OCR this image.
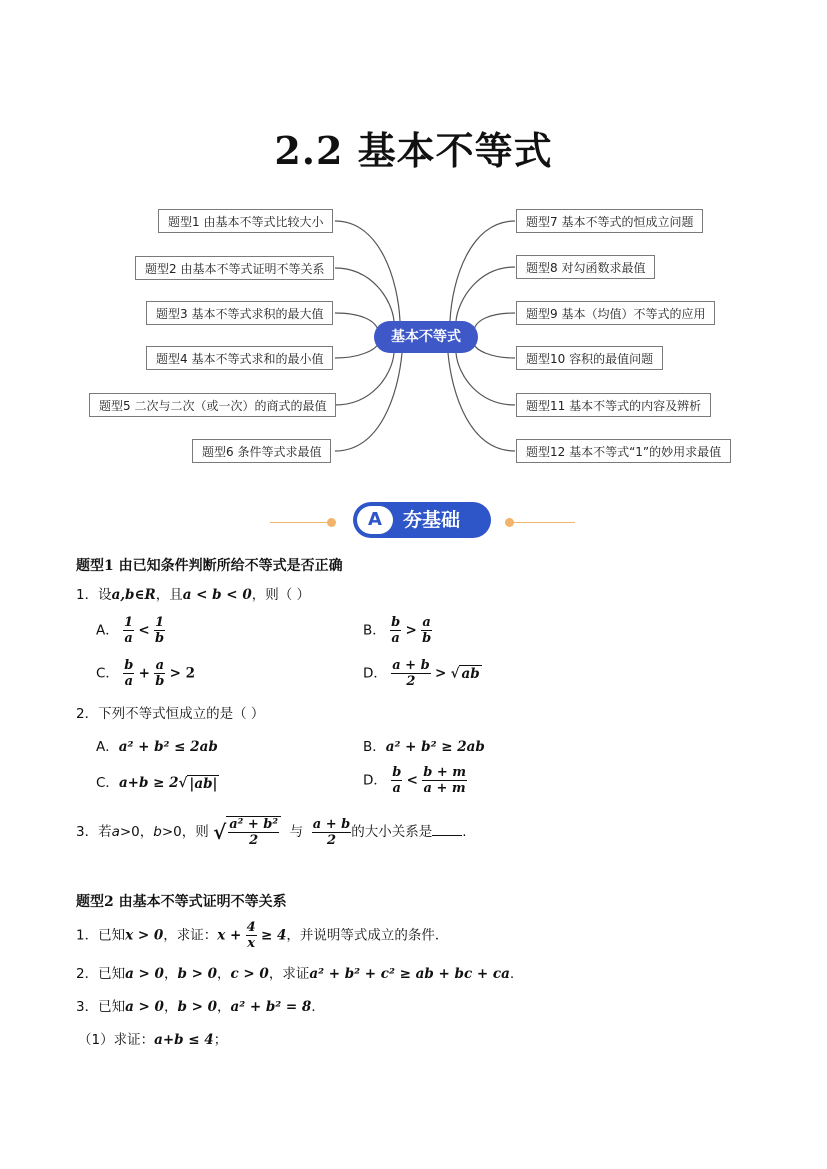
2.2 基本不等式
题型1 由基本不等式比较大小
题型2 由基本不等式证明不等关系
题型3 基本不等式求积的最大值
题型4 基本不等式求和的最小值
题型5 二次与二次（或一次）的商式的最值
题型6 条件等式求最值
题型7 基本不等式的恒成立问题
题型8 对勾函数求最值
题型9 基本（均值）不等式的应用
题型10 容积的最值问题
题型11 基本不等式的内容及辨析
题型12 基本不等式“1”的妙用求最值
基本不等式
A	夯基础
题型1 由已知条件判断所给不等式是否正确
1．设a,b∈R，且a < b < 0，则（ ）
A． $\frac{1}{a} < \frac{1}{b}$	B． $\frac{b}{a} > \frac{a}{b}$
C． $\frac{b}{a} + \frac{a}{b} > 2$	D． $\frac{a + b}{2}$ > √ ab
2．下列不等式恒成立的是（ ）
A．a² + b² ≤ 2ab	B．a² + b² ≥ 2ab
C．a+b ≥ 2√ |ab|	D． $\frac{b}{a} < \frac{b + m}{a + m}$
3．若a>0，b>0，则 √ $\frac{\text{a² + b²}}{2}$ 与 $\frac{a + b}{2}$ 的大小关系是 .
题型2 由基本不等式证明不等关系
1．已知x > 0，求证：$x + \frac{4}{x} \ge 4$，并说明等式成立的条件．
2．已知a > 0，b > 0，c > 0，求证a² + b² + c² ≥ ab + bc + ca.
3．已知a > 0，b > 0，a² + b² = 8．
（1）求证：a+b ≤ 4；
